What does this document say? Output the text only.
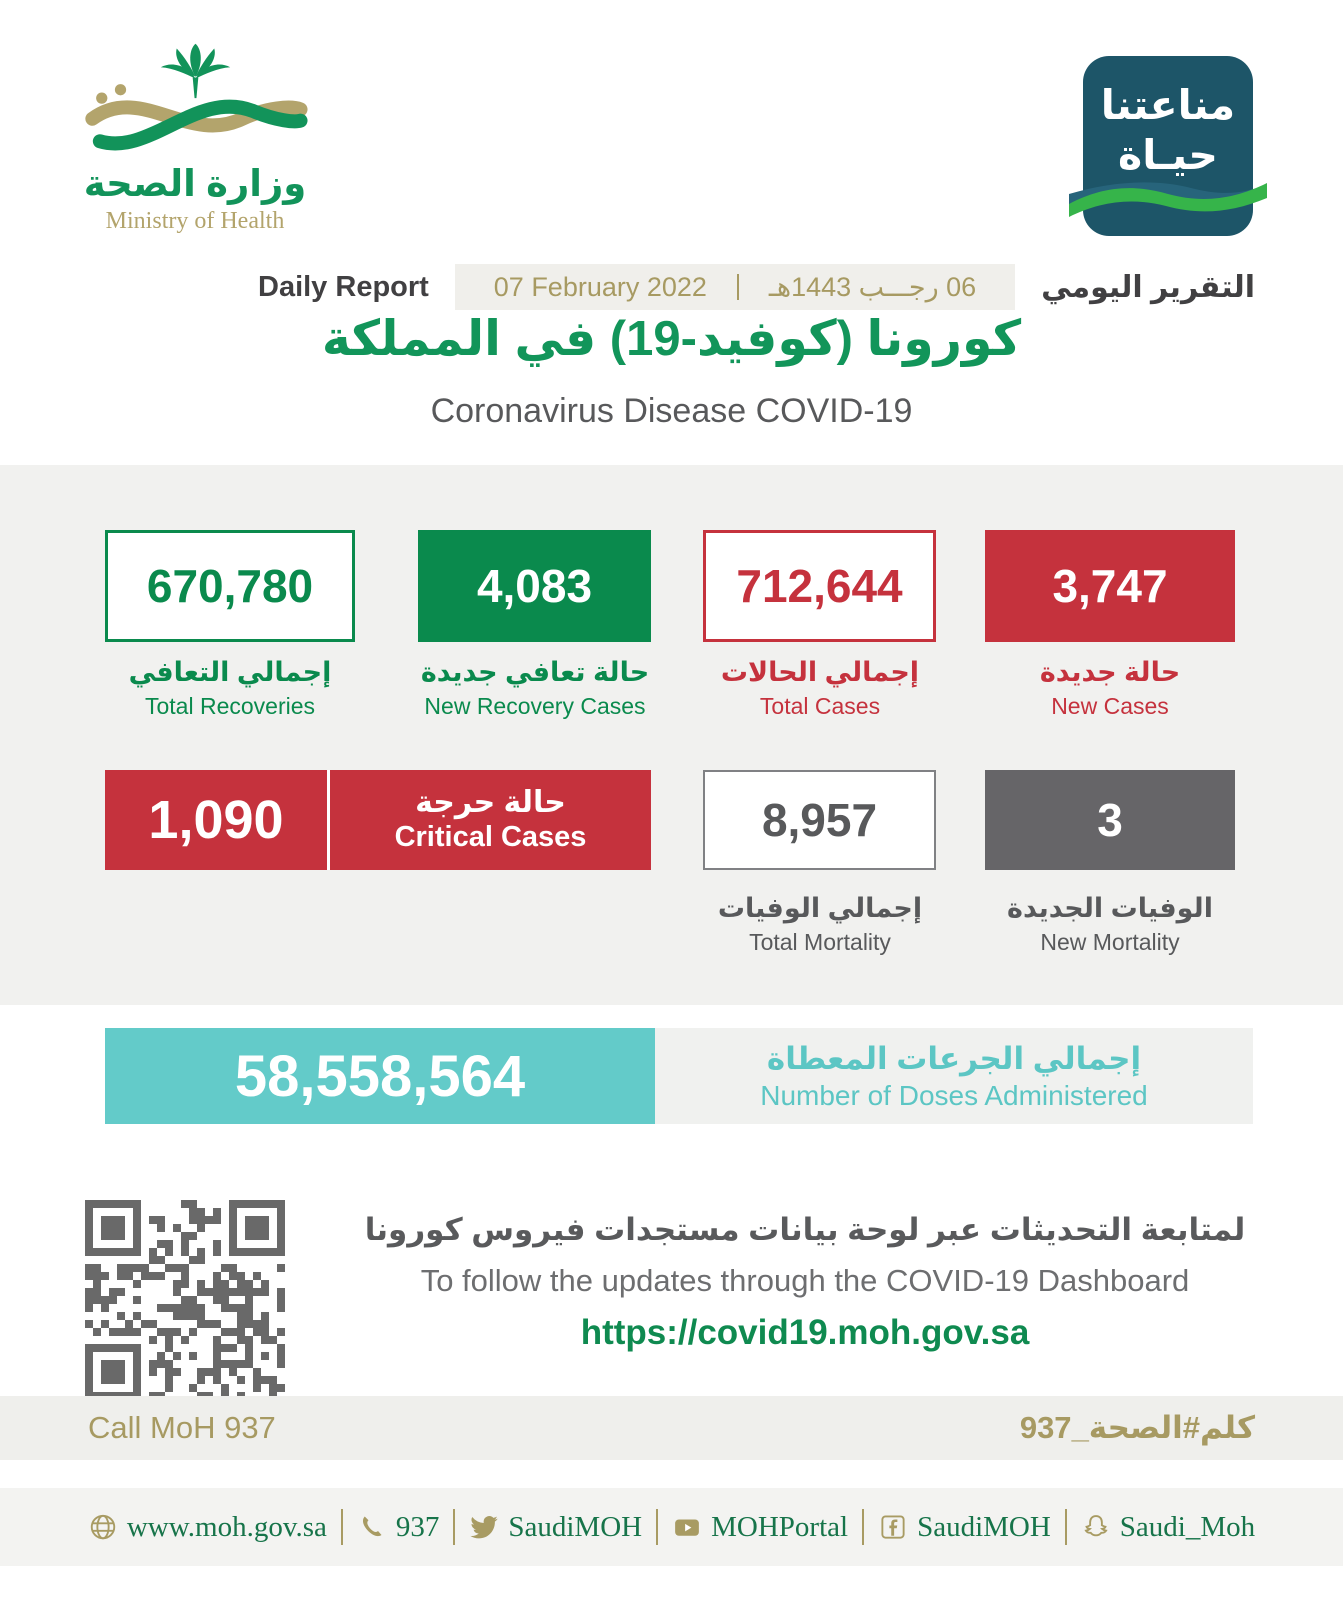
وزارة الصحة
Ministry of Health
مناعتنا
حيـاة
Daily Report 07 February 2022 06 رجـــب 1443هـ التقرير اليومي
كورونا (كوفيد-19) في المملكة
Coronavirus Disease COVID-19
670,780	4,083	712,644	3,747
إجمالي التعافي
Total Recoveries
حالة تعافي جديدة
New Recovery Cases
إجمالي الحالات
Total Cases
حالة جديدة
New Cases
1,090	حالة حرجة
Critical Cases	8,957	3
إجمالي الوفيات
Total Mortality
الوفيات الجديدة
New Mortality
58,558,564	إجمالي الجرعات المعطاة
Number of Doses Administered
لمتابعة التحديثات عبر لوحة بيانات مستجدات فيروس كورونا
To follow the updates through the COVID-19 Dashboard
https://covid19.moh.gov.sa
Call MoH 937	كلم#الصحة_937
www.moh.gov.sa 937 SaudiMOH MOHPortal SaudiMOH Saudi_Moh
